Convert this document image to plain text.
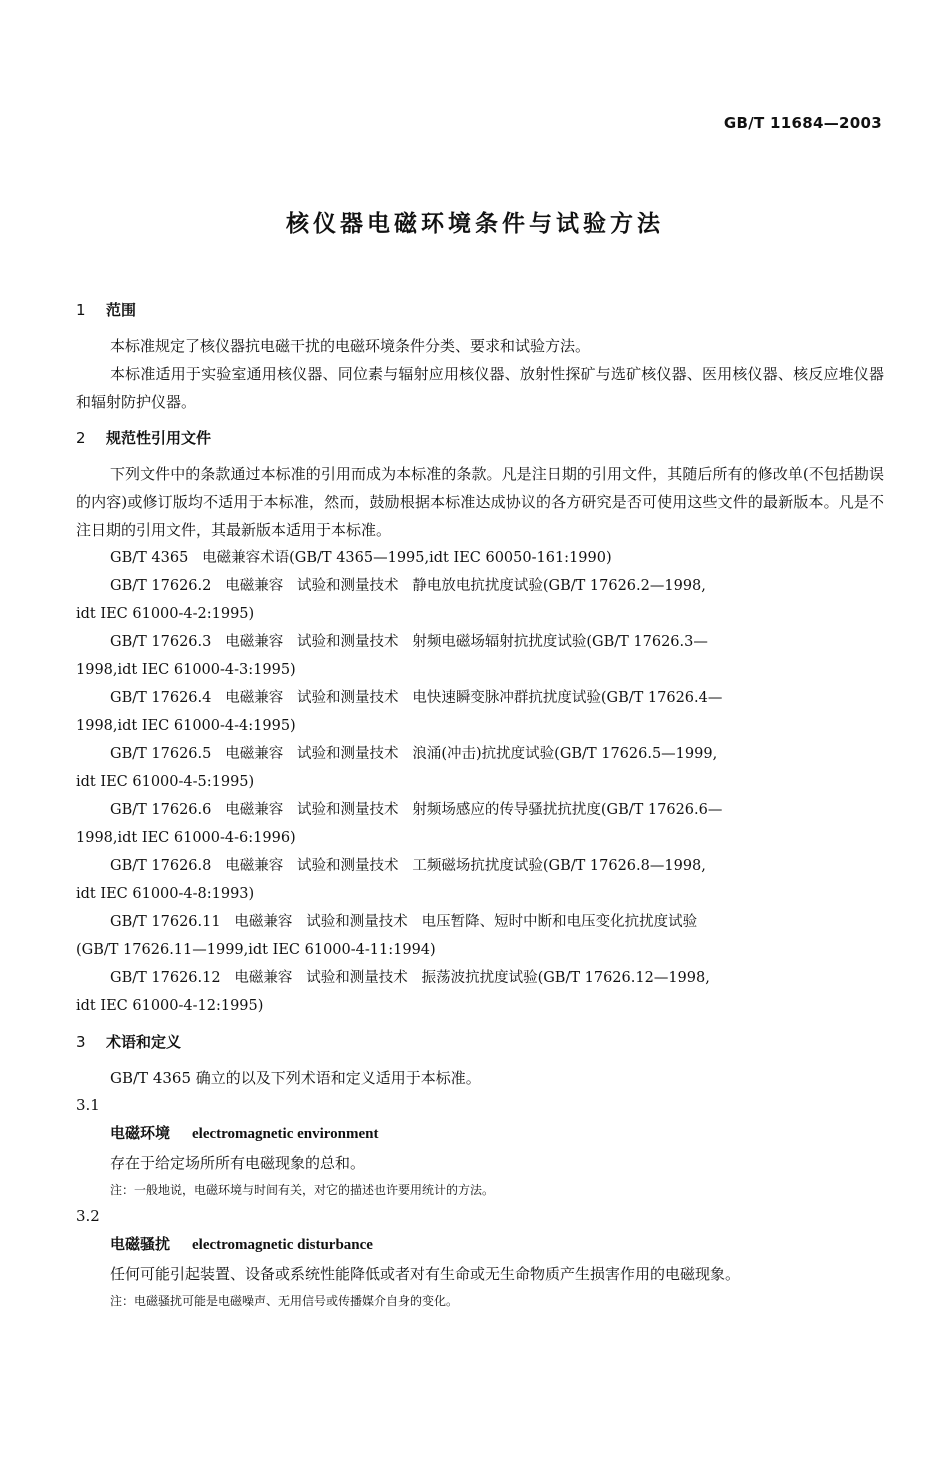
GB/T 11684—2003
核仪器电磁环境条件与试验方法
1 范围

本标准规定了核仪器抗电磁干扰的电磁环境条件分类、要求和试验方法。

本标准适用于实验室通用核仪器、同位素与辐射应用核仪器、放射性探矿与选矿核仪器、医用核仪器、核反应堆仪器和辐射防护仪器。

2 规范性引用文件

下列文件中的条款通过本标准的引用而成为本标准的条款。凡是注日期的引用文件，其随后所有的修改单(不包括勘误的内容)或修订版均不适用于本标准，然而，鼓励根据本标准达成协议的各方研究是否可使用这些文件的最新版本。凡是不注日期的引用文件，其最新版本适用于本标准。

GB/T 4365   电磁兼容术语(GB/T 4365—1995,idt IEC 60050-161:1990)
GB/T 17626.2   电磁兼容   试验和测量技术   静电放电抗扰度试验(GB/T 17626.2—1998,
idt IEC 61000-4-2:1995)
GB/T 17626.3   电磁兼容   试验和测量技术   射频电磁场辐射抗扰度试验(GB/T 17626.3—
1998,idt IEC 61000-4-3:1995)
GB/T 17626.4   电磁兼容   试验和测量技术   电快速瞬变脉冲群抗扰度试验(GB/T 17626.4—
1998,idt IEC 61000-4-4:1995)
GB/T 17626.5   电磁兼容   试验和测量技术   浪涌(冲击)抗扰度试验(GB/T 17626.5—1999,
idt IEC 61000-4-5:1995)
GB/T 17626.6   电磁兼容   试验和测量技术   射频场感应的传导骚扰抗扰度(GB/T 17626.6—
1998,idt IEC 61000-4-6:1996)
GB/T 17626.8   电磁兼容   试验和测量技术   工频磁场抗扰度试验(GB/T 17626.8—1998,
idt IEC 61000-4-8:1993)
GB/T 17626.11   电磁兼容   试验和测量技术   电压暂降、短时中断和电压变化抗扰度试验
(GB/T 17626.11—1999,idt IEC 61000-4-11:1994)
GB/T 17626.12   电磁兼容   试验和测量技术   振荡波抗扰度试验(GB/T 17626.12—1998,
idt IEC 61000-4-12:1995)
3 术语和定义

GB/T 4365 确立的以及下列术语和定义适用于本标准。

3.1
电磁环境 electromagnetic environment
存在于给定场所所有电磁现象的总和。
注：一般地说，电磁环境与时间有关，对它的描述也许要用统计的方法。
3.2
电磁骚扰 electromagnetic disturbance
任何可能引起装置、设备或系统性能降低或者对有生命或无生命物质产生损害作用的电磁现象。
注：电磁骚扰可能是电磁噪声、无用信号或传播媒介自身的变化。
